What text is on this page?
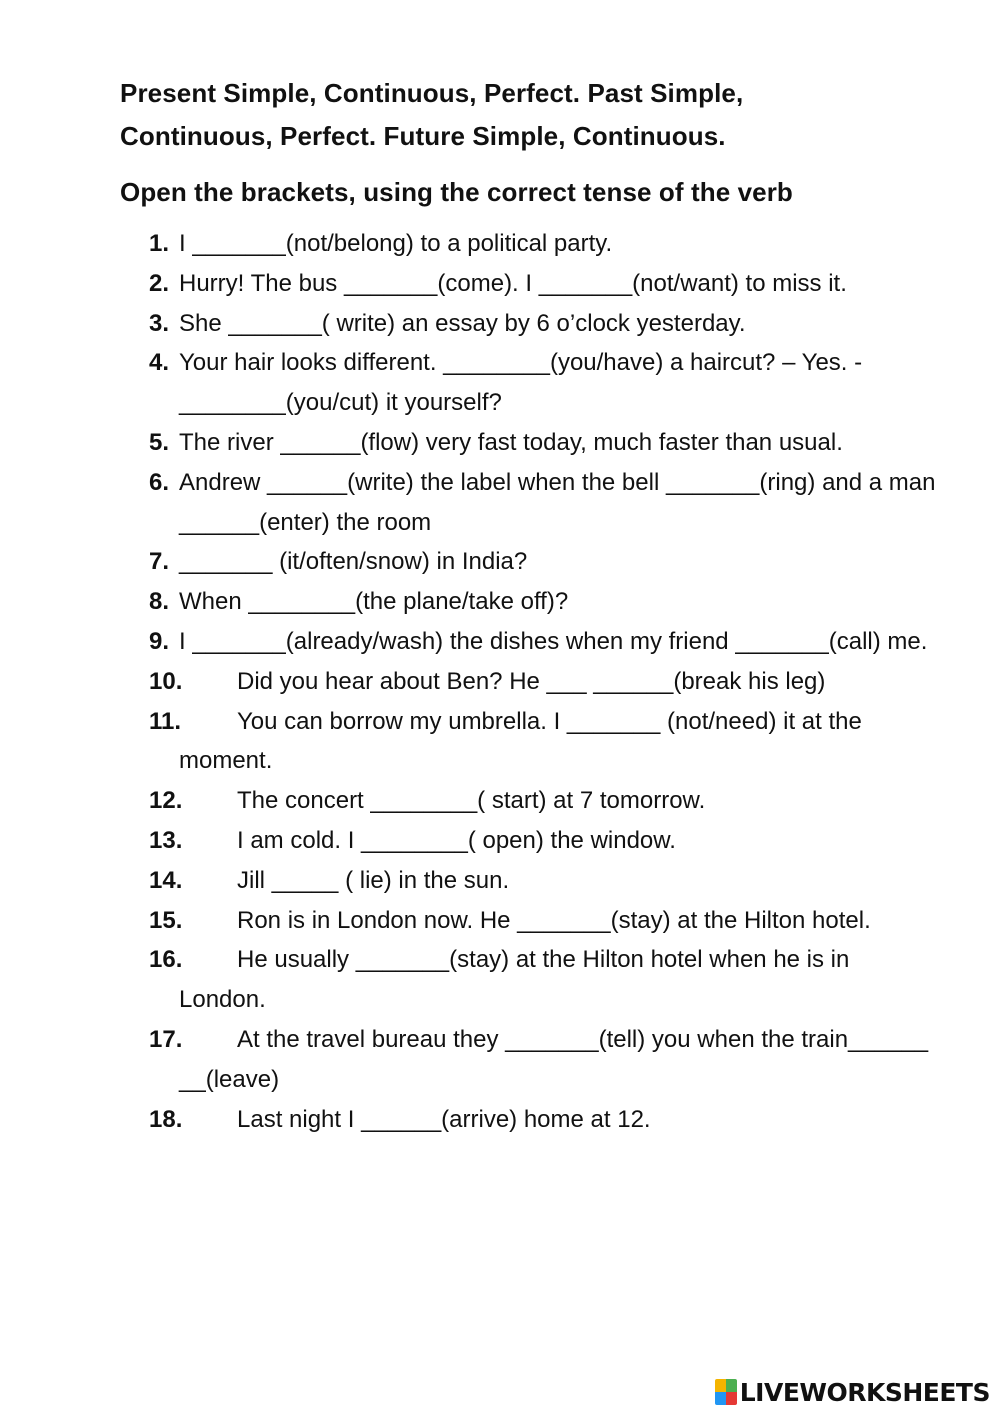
Present Simple, Continuous, Perfect. Past Simple,
Continuous, Perfect. Future Simple, Continuous.

Open the brackets, using the correct tense of the verb

1. I _______(not/belong) to a political party.
2. Hurry! The bus _______(come). I _______(not/want) to miss it.
3. She _______( write) an essay by 6 o’clock yesterday.
4. Your hair looks different. ________(you/have) a haircut? – Yes. - ________(you/cut) it yourself?
5. The river ______(flow) very fast today, much faster than usual.
6. Andrew ______(write) the label when the bell _______(ring) and a man ______(enter) the room
7. _______ (it/often/snow) in India?
8. When ________(the plane/take off)?
9. I _______(already/wash) the dishes when my friend _______(call) me.
10. Did you hear about Ben? He ___ ______(break his leg)
11. You can borrow my umbrella. I _______ (not/need) it at the moment.
12. The concert ________( start) at 7 tomorrow.
13. I am cold. I ________( open) the window.
14. Jill _____ ( lie) in the sun.
15. Ron is in London now. He _______(stay) at the Hilton hotel.
16. He usually _______(stay) at the Hilton hotel when he is in London.
17. At the travel bureau they _______(tell) you when the train______ __(leave)
18. Last night I ______(arrive) home at 12.
LIVEWORKSHEETS
